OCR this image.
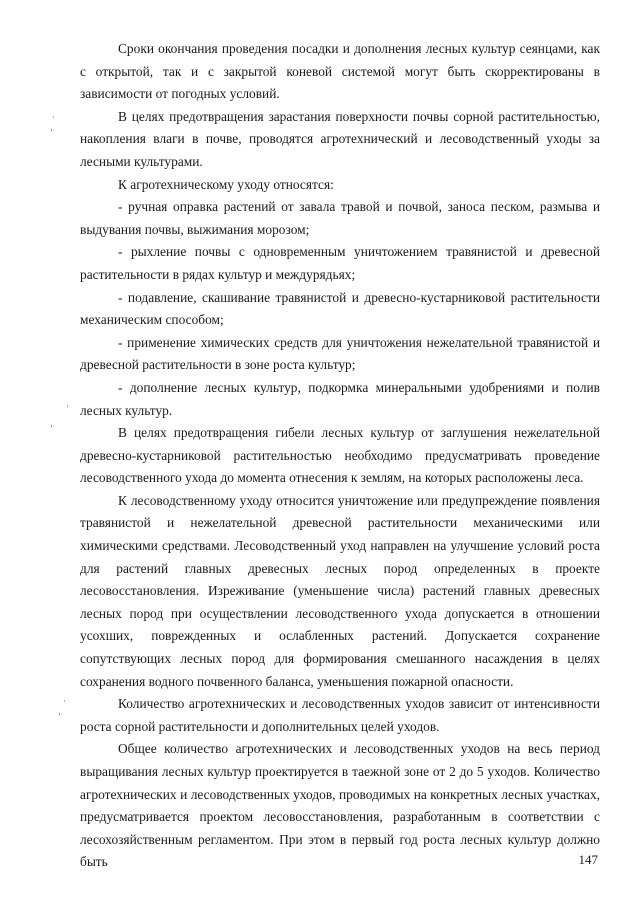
·
‘
·
‘
·
‘

Сроки окончания проведения посадки и дополнения лесных культур сеянцами, как с открытой, так и с закрытой коневой системой могут быть скорректированы в зависимости от погодных условий.

В целях предотвращения зарастания поверхности почвы сорной растительностью, накопления влаги в почве, проводятся агротехнический и лесоводственный уходы за лесными культурами.

К агротехническому уходу относятся:

- ручная оправка растений от завала травой и почвой, заноса песком, размыва и выдувания почвы, выжимания морозом;

- рыхление почвы с одновременным уничтожением травянистой и древесной растительности в рядах культур и междурядьях;

- подавление, скашивание травянистой и древесно-кустарниковой растительности механическим способом;

- применение химических средств для уничтожения нежелательной травянистой и древесной растительности в зоне роста культур;

- дополнение лесных культур, подкормка минеральными удобрениями и полив лесных культур.

В целях предотвращения гибели лесных культур от заглушения нежелательной древесно-кустарниковой растительностью необходимо предусматривать проведение лесоводственного ухода до момента отнесения к землям, на которых расположены леса.

К лесоводственному уходу относится уничтожение или предупреждение появления травянистой и нежелательной древесной растительности механическими или химическими средствами. Лесоводственный уход направлен на улучшение условий роста для растений главных древесных лесных пород определенных в проекте лесовосстановления. Изреживание (уменьшение числа) растений главных древесных лесных пород при осуществлении лесоводственного ухода допускается в отношении усохших, поврежденных и ослабленных растений. Допускается сохранение сопутствующих лесных пород для формирования смешанного насаждения в целях сохранения водного почвенного баланса, уменьшения пожарной опасности.

Количество агротехнических и лесоводственных уходов зависит от интенсивности роста сорной растительности и дополнительных целей уходов.

Общее количество агротехнических и лесоводственных уходов на весь период выращивания лесных культур проектируется в таежной зоне от 2 до 5 уходов. Количество агротехнических и лесоводственных уходов, проводимых на конкретных лесных участках, предусматривается проектом лесовосстановления, разработанным в соответствии с лесохозяйственным регламентом. При этом в первый год роста лесных культур должно быть	147
